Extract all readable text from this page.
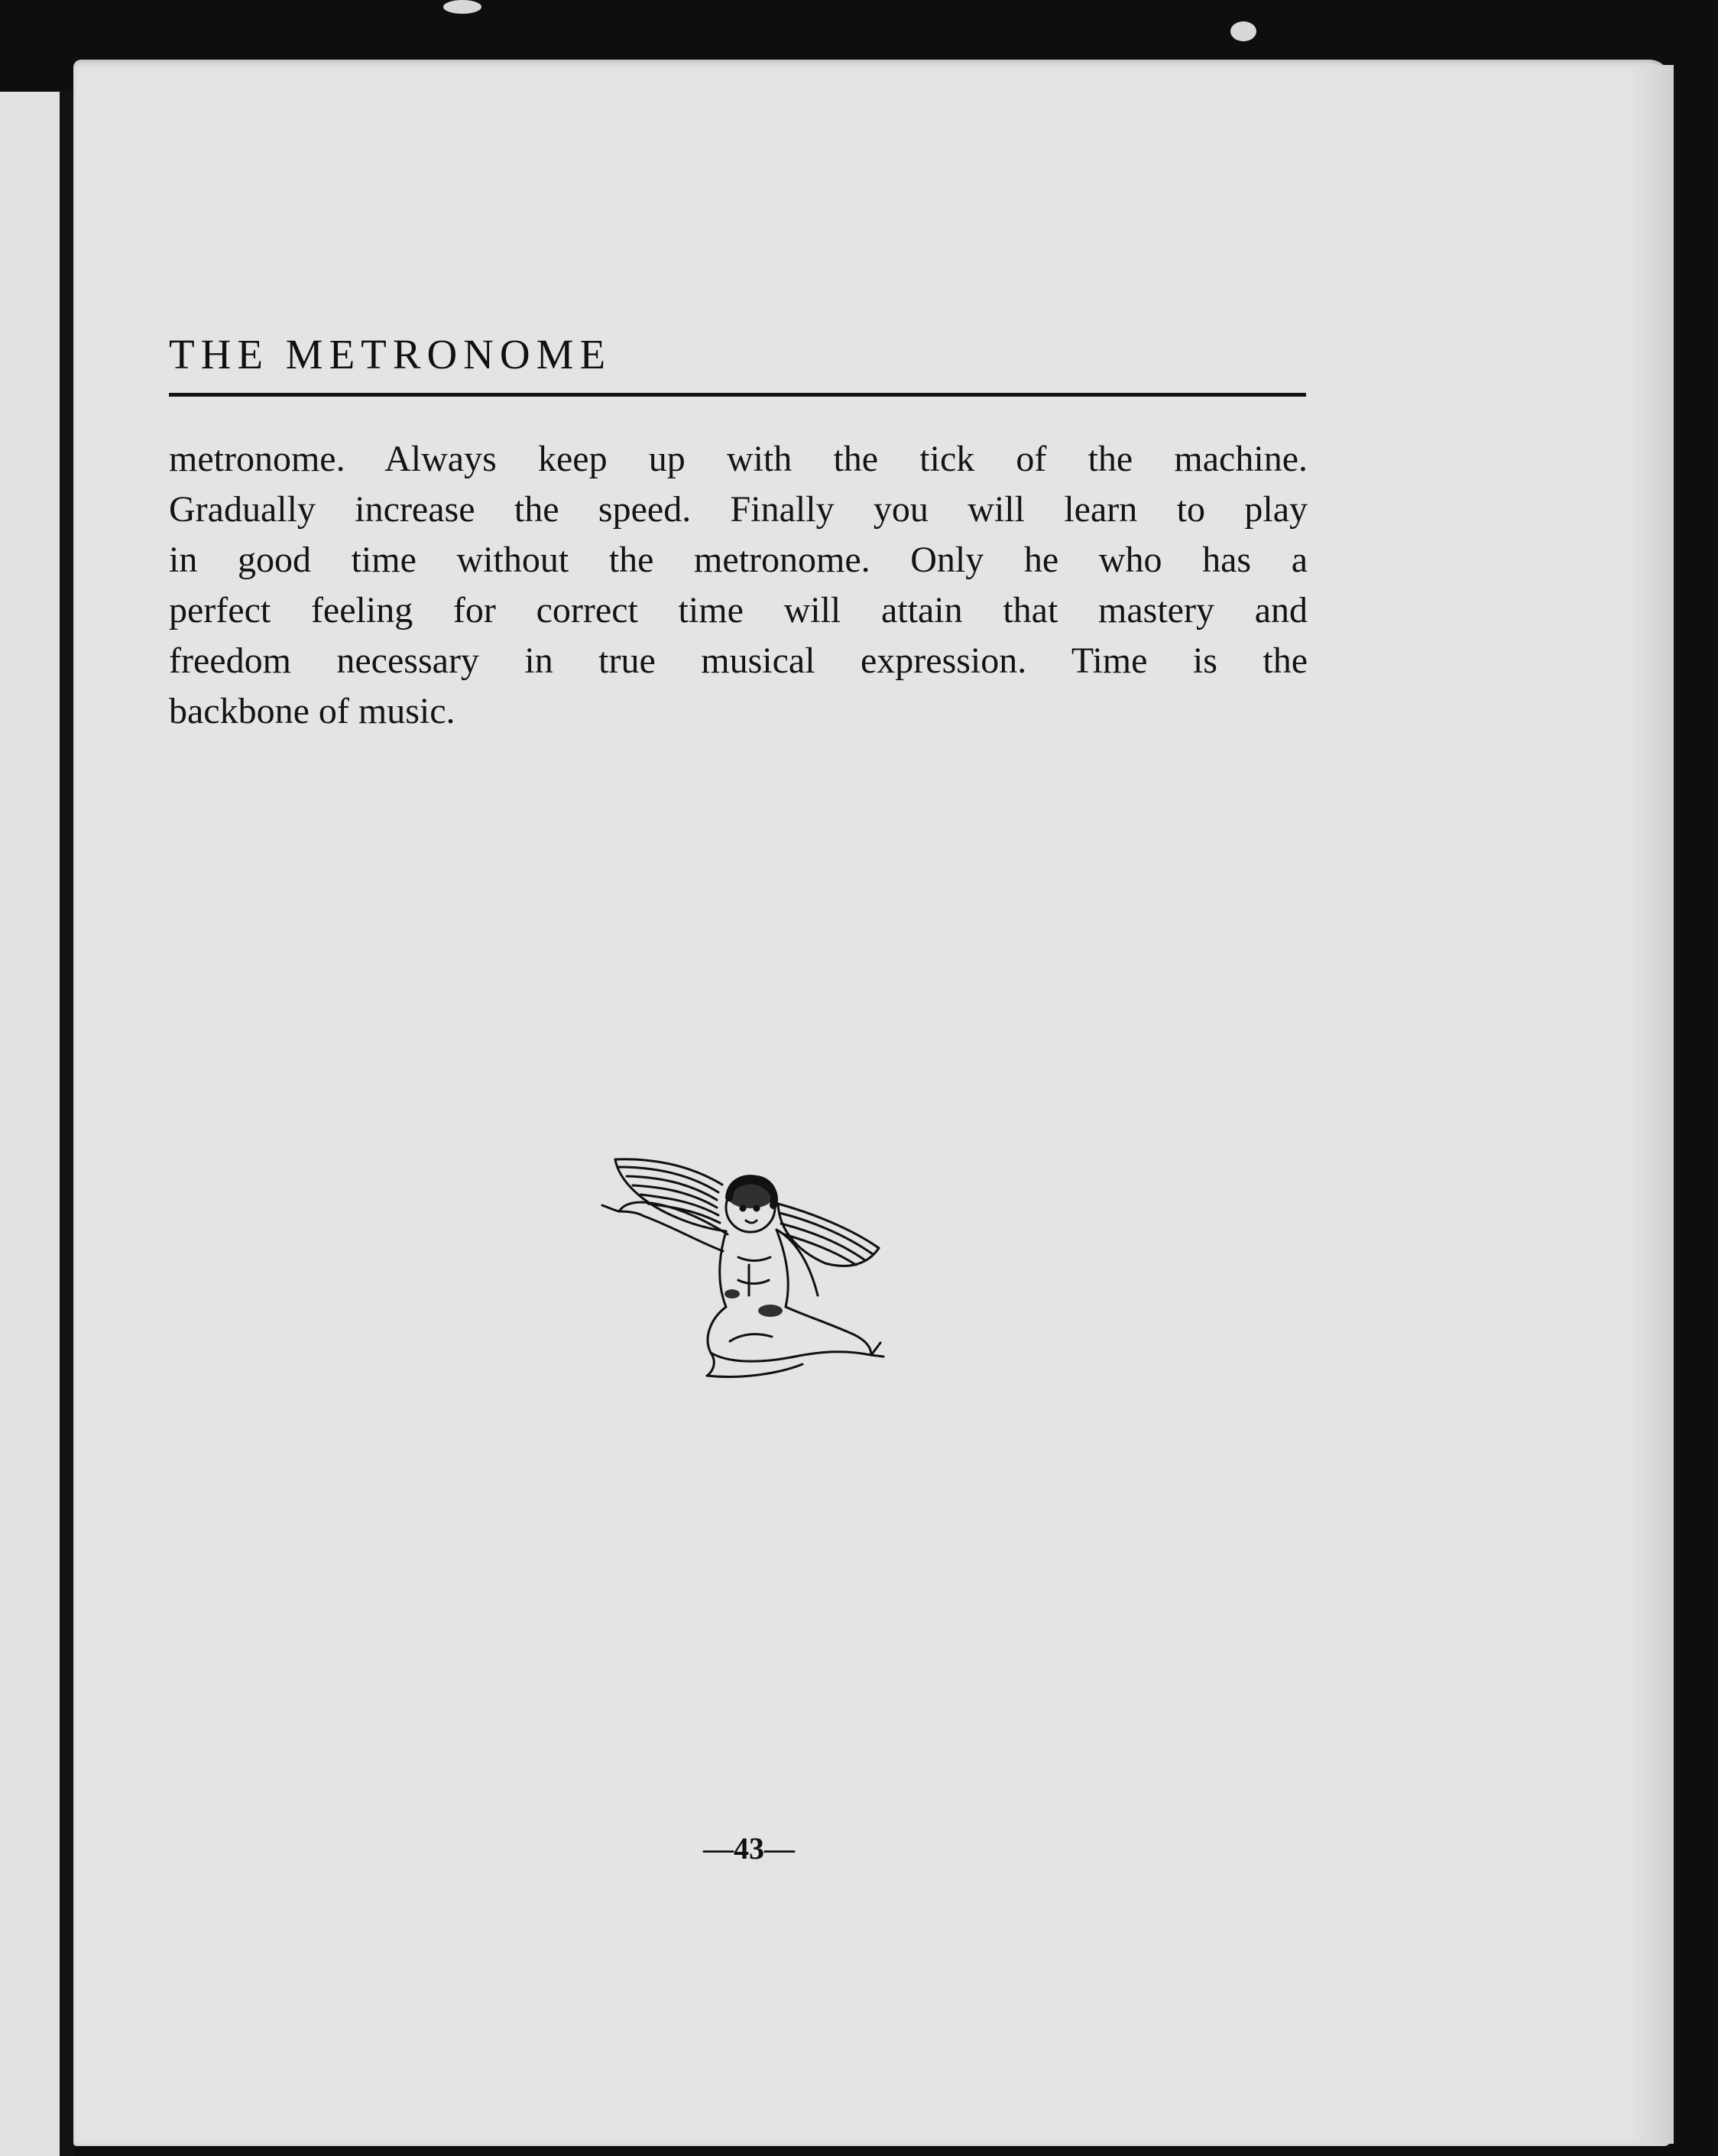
THE METRONOME
metronome. Always keep up with the tick of the machine.
Gradually increase the speed. Finally you will learn to play
in good time without the metronome. Only he who has a
perfect feeling for correct time will attain that mastery and
freedom necessary in true musical expression. Time is the
backbone of music.

—43—
